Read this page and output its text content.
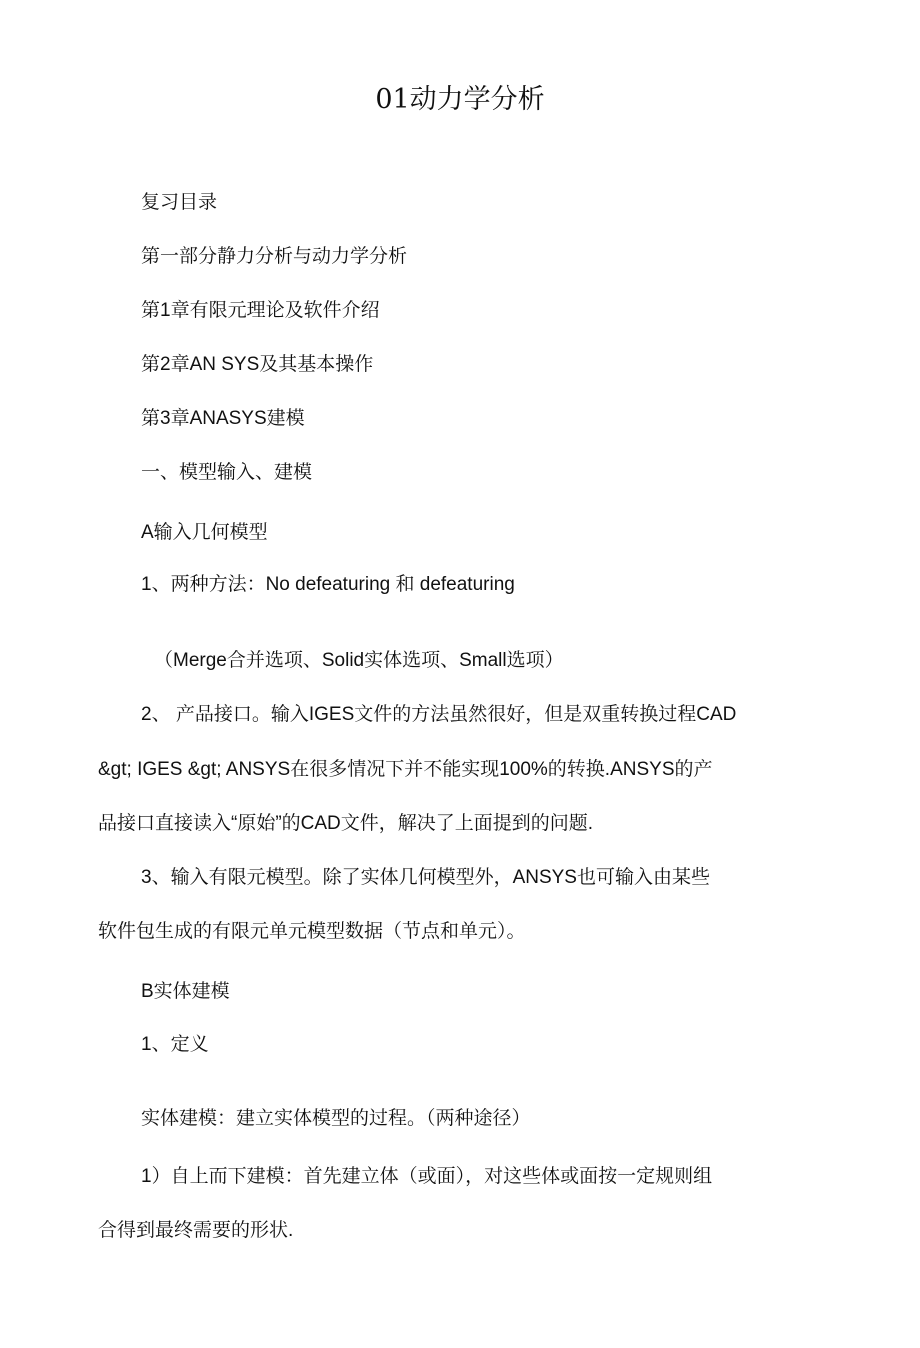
01动力学分析

复习目录

第一部分静力分析与动力学分析

第1章有限元理论及软件介绍

第2章AN SYS及其基本操作

第3章ANASYS建模

一、模型输入、建模

A输入几何模型

1、两种方法：No defeaturing 和 defeaturing

（Merge合并选项、Solid实体选项、Small选项）

2、 产品接口。输入IGES文件的方法虽然很好，但是双重转换过程CAD

&gt; IGES &gt; ANSYS在很多情况下并不能实现100%的转换.ANSYS的产

品接口直接读入“原始”的CAD文件，解决了上面提到的问题.

3、输入有限元模型。除了实体几何模型外，ANSYS也可输入由某些

软件包生成的有限元单元模型数据（节点和单元）。

B实体建模

1、定义

实体建模：建立实体模型的过程。（两种途径）

1）自上而下建模：首先建立体（或面），对这些体或面按一定规则组

合得到最终需要的形状.
